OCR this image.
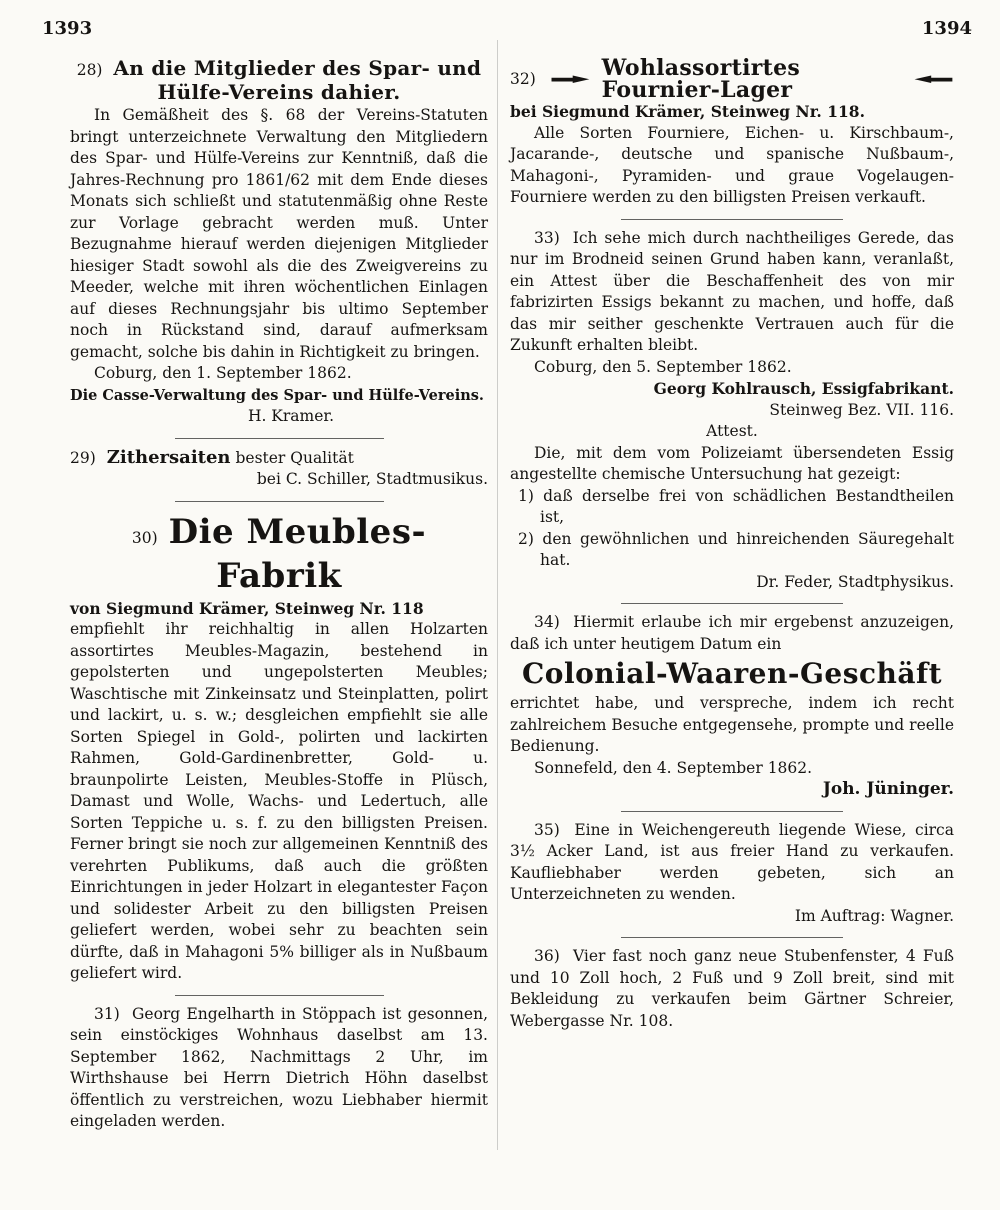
1393	1394

28) An die Mitglieder des Spar- und Hülfe-Vereins dahier.

In Gemäßheit des §. 68 der Vereins-Statuten bringt unterzeichnete Verwaltung den Mitgliedern des Spar- und Hülfe-Vereins zur Kenntniß, daß die Jahres-Rechnung pro 1861/62 mit dem Ende dieses Monats sich schließt und statutenmäßig ohne Reste zur Vorlage gebracht werden muß. Unter Bezugnahme hierauf werden diejenigen Mitglieder hiesiger Stadt sowohl als die des Zweigvereins zu Meeder, welche mit ihren wöchentlichen Einlagen auf dieses Rechnungsjahr bis ultimo September noch in Rückstand sind, darauf aufmerksam gemacht, solche bis dahin in Richtigkeit zu bringen.

Coburg, den 1. September 1862.

Die Casse-Verwaltung des Spar- und Hülfe-Vereins.

H. Kramer.

29) Zithersaiten bester Qualität

bei C. Schiller, Stadtmusikus.

30) Die Meubles-Fabrik

von Siegmund Krämer, Steinweg Nr. 118

empfiehlt ihr reichhaltig in allen Holzarten assortirtes Meubles-Magazin, bestehend in gepolsterten und ungepolsterten Meubles; Waschtische mit Zinkeinsatz und Steinplatten, polirt und lackirt, u. s. w.; desgleichen empfiehlt sie alle Sorten Spiegel in Gold-, polirten und lackirten Rahmen, Gold-Gardinenbretter, Gold- u. braunpolirte Leisten, Meubles-Stoffe in Plüsch, Damast und Wolle, Wachs- und Ledertuch, alle Sorten Teppiche u. s. f. zu den billigsten Preisen. Ferner bringt sie noch zur allgemeinen Kenntniß des verehrten Publikums, daß auch die größten Einrichtungen in jeder Holzart in elegantester Façon und solidester Arbeit zu den billigsten Preisen geliefert werden, wobei sehr zu beachten sein dürfte, daß in Mahagoni 5% billiger als in Nußbaum geliefert wird.

31) Georg Engelharth in Stöppach ist gesonnen, sein einstöckiges Wohnhaus daselbst am 13. September 1862, Nachmittags 2 Uhr, im Wirthshause bei Herrn Dietrich Höhn daselbst öffentlich zu verstreichen, wozu Liebhaber hiermit eingeladen werden.

32)	Wohlassortirtes Fournier-Lager

bei Siegmund Krämer, Steinweg Nr. 118.

Alle Sorten Fourniere, Eichen- u. Kirschbaum-, Jacarande-, deutsche und spanische Nußbaum-, Mahagoni-, Pyramiden- und graue Vogelaugen-Fourniere werden zu den billigsten Preisen verkauft.

33) Ich sehe mich durch nachtheiliges Gerede, das nur im Brodneid seinen Grund haben kann, veranlaßt, ein Attest über die Beschaffenheit des von mir fabrizirten Essigs bekannt zu machen, und hoffe, daß das mir seither geschenkte Vertrauen auch für die Zukunft erhalten bleibt.

Coburg, den 5. September 1862.

Georg Kohlrausch, Essigfabrikant.

Steinweg Bez. VII. 116.

Attest.

Die, mit dem vom Polizeiamt übersendeten Essig angestellte chemische Untersuchung hat gezeigt:

1) daß derselbe frei von schädlichen Bestandtheilen ist,

2) den gewöhnlichen und hinreichenden Säuregehalt hat.

Dr. Feder, Stadtphysikus.

34) Hiermit erlaube ich mir ergebenst anzuzeigen, daß ich unter heutigem Datum ein

Colonial-Waaren-Geschäft

errichtet habe, und verspreche, indem ich recht zahlreichem Besuche entgegensehe, prompte und reelle Bedienung.

Sonnefeld, den 4. September 1862.

Joh. Jüninger.

35) Eine in Weichengereuth liegende Wiese, circa 3½ Acker Land, ist aus freier Hand zu verkaufen. Kaufliebhaber werden gebeten, sich an Unterzeichneten zu wenden.

Im Auftrag: Wagner.

36) Vier fast noch ganz neue Stubenfenster, 4 Fuß und 10 Zoll hoch, 2 Fuß und 9 Zoll breit, sind mit Bekleidung zu verkaufen beim Gärtner Schreier, Webergasse Nr. 108.
